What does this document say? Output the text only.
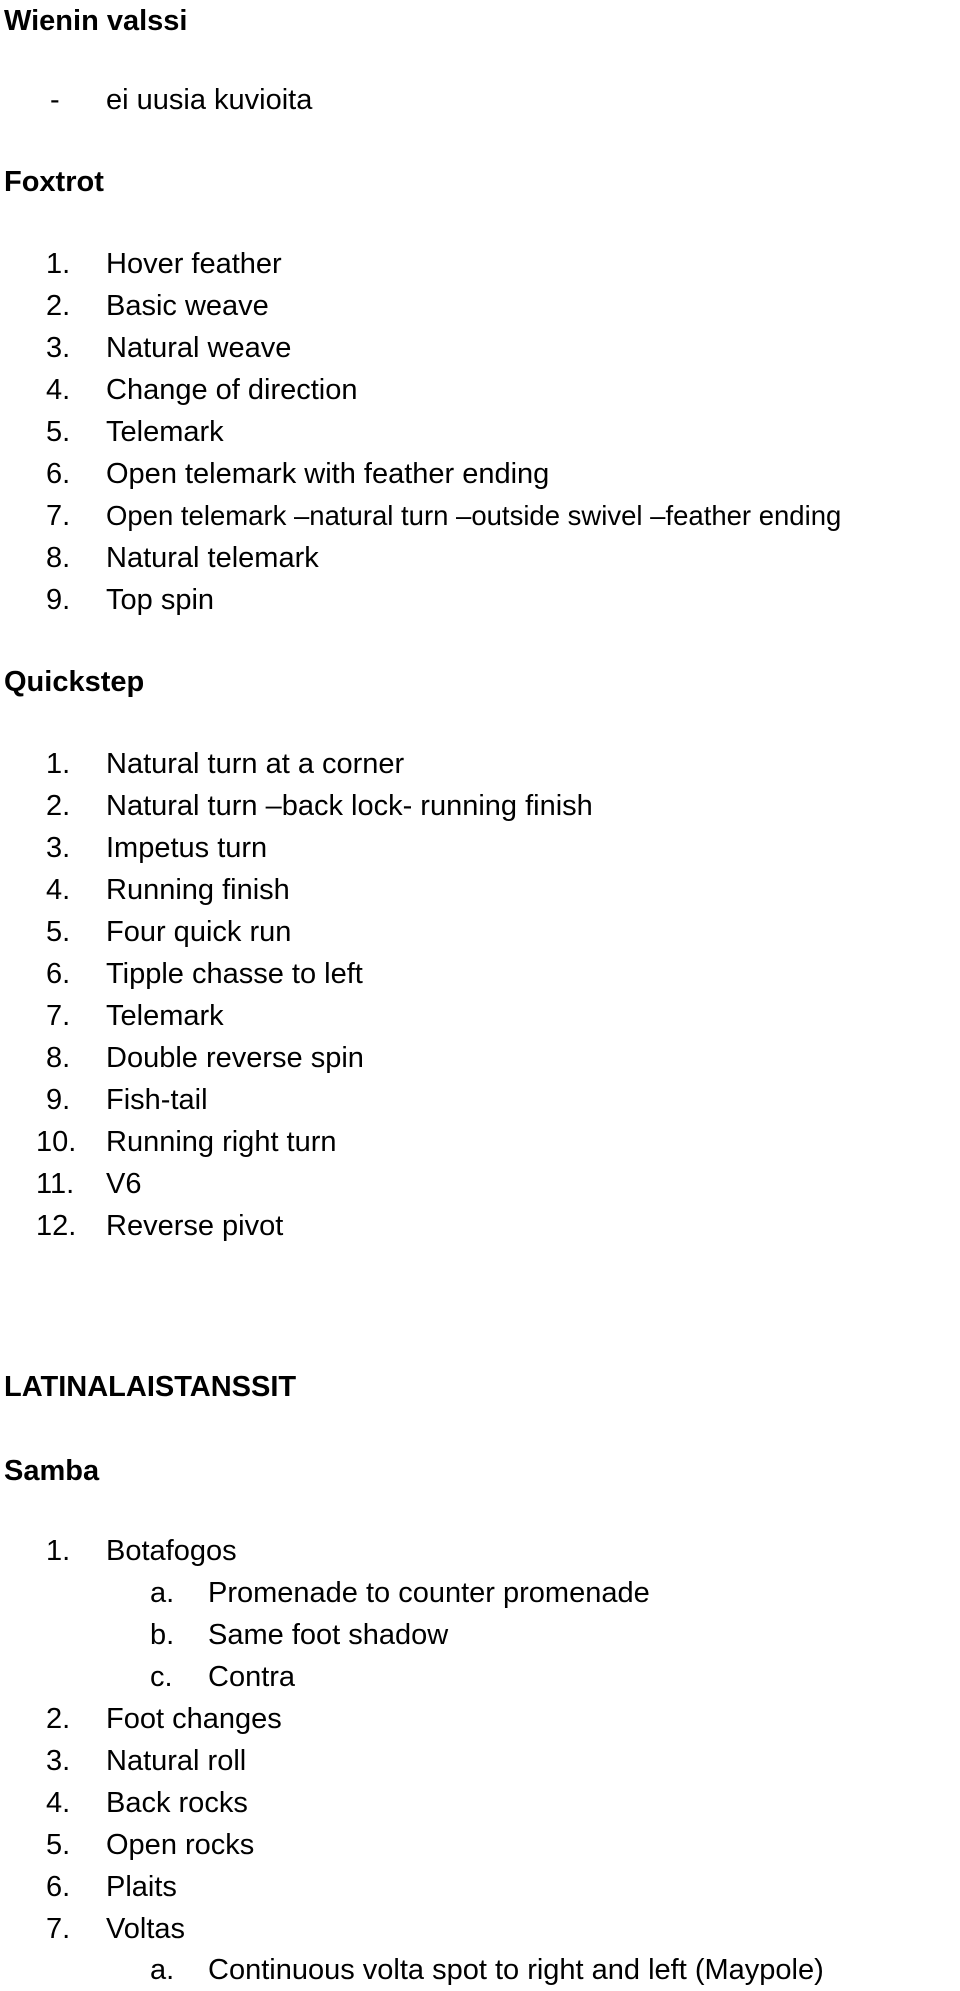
Wienin valssi
- ei uusia kuvioita
Foxtrot
1. Hover feather
2. Basic weave
3. Natural weave
4. Change of direction
5. Telemark
6. Open telemark with feather ending
7. Open telemark –natural turn –outside swivel –feather ending
8. Natural telemark
9. Top spin
Quickstep
1. Natural turn at a corner
2. Natural turn –back lock- running finish
3. Impetus turn
4. Running finish
5. Four quick run
6. Tipple chasse to left
7. Telemark
8. Double reverse spin
9. Fish-tail
10. Running right turn
11. V6
12. Reverse pivot
LATINALAISTANSSIT
Samba
1. Botafogos
a. Promenade to counter promenade
b. Same foot shadow
c. Contra
2. Foot changes
3. Natural roll
4. Back rocks
5. Open rocks
6. Plaits
7. Voltas
a. Continuous volta spot to right and left (Maypole)
